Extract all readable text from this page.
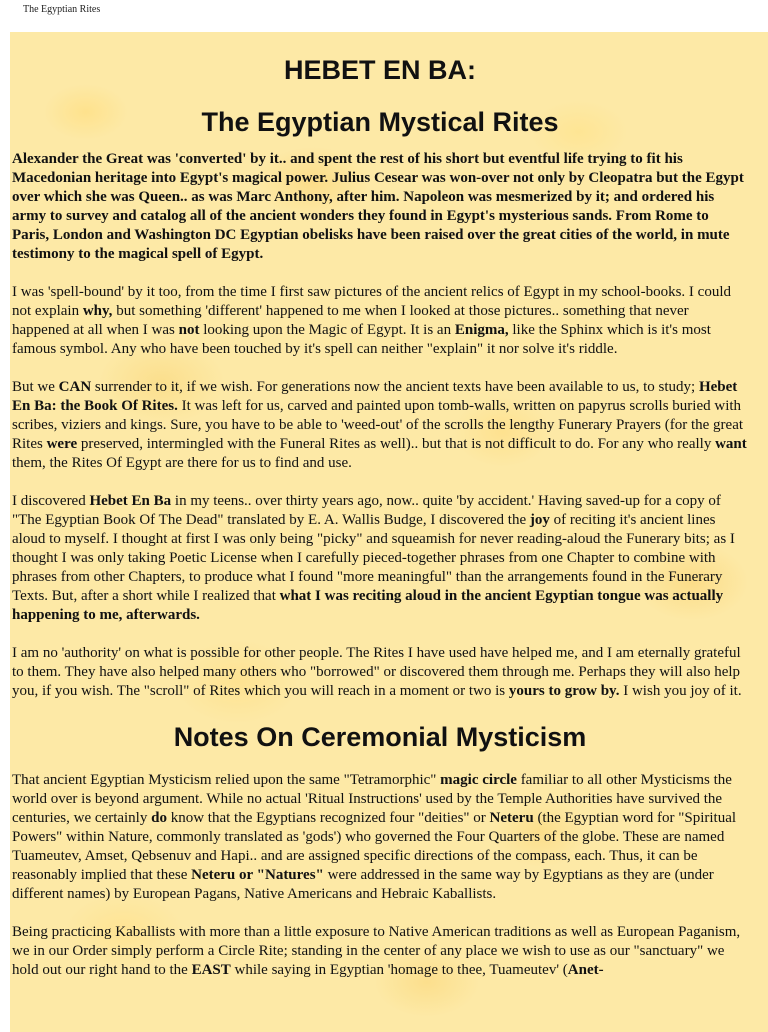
The Egyptian Rites
HEBET EN BA:
The Egyptian Mystical Rites

Alexander the Great was 'converted' by it.. and spent the rest of his short but eventful life trying to fit his Macedonian heritage into Egypt's magical power. Julius Cesear was won-over not only by Cleopatra but the Egypt over which she was Queen.. as was Marc Anthony, after him. Napoleon was mesmerized by it; and ordered his army to survey and catalog all of the ancient wonders they found in Egypt's mysterious sands. From Rome to Paris, London and Washington DC Egyptian obelisks have been raised over the great cities of the world, in mute testimony to the magical spell of Egypt.

I was 'spell-bound' by it too, from the time I first saw pictures of the ancient relics of Egypt in my school-books. I could not explain why, but something 'different' happened to me when I looked at those pictures.. something that never happened at all when I was not looking upon the Magic of Egypt. It is an Enigma, like the Sphinx which is it's most famous symbol. Any who have been touched by it's spell can neither "explain" it nor solve it's riddle.

But we CAN surrender to it, if we wish. For generations now the ancient texts have been available to us, to study; Hebet En Ba: the Book Of Rites. It was left for us, carved and painted upon tomb-walls, written on papyrus scrolls buried with scribes, viziers and kings. Sure, you have to be able to 'weed-out' of the scrolls the lengthy Funerary Prayers (for the great Rites were preserved, intermingled with the Funeral Rites as well).. but that is not difficult to do. For any who really want them, the Rites Of Egypt are there for us to find and use.

I discovered Hebet En Ba in my teens.. over thirty years ago, now.. quite 'by accident.' Having saved-up for a copy of "The Egyptian Book Of The Dead" translated by E. A. Wallis Budge, I discovered the joy of reciting it's ancient lines aloud to myself. I thought at first I was only being "picky" and squeamish for never reading-aloud the Funerary bits; as I thought I was only taking Poetic License when I carefully pieced-together phrases from one Chapter to combine with phrases from other Chapters, to produce what I found "more meaningful" than the arrangements found in the Funerary Texts. But, after a short while I realized that what I was reciting aloud in the ancient Egyptian tongue was actually happening to me, afterwards.

I am no 'authority' on what is possible for other people. The Rites I have used have helped me, and I am eternally grateful to them. They have also helped many others who "borrowed" or discovered them through me. Perhaps they will also help you, if you wish. The "scroll" of Rites which you will reach in a moment or two is yours to grow by. I wish you joy of it.

Notes On Ceremonial Mysticism

That ancient Egyptian Mysticism relied upon the same "Tetramorphic" magic circle familiar to all other Mysticisms the world over is beyond argument. While no actual 'Ritual Instructions' used by the Temple Authorities have survived the centuries, we certainly do know that the Egyptians recognized four "deities" or Neteru (the Egyptian word for "Spiritual Powers" within Nature, commonly translated as 'gods') who governed the Four Quarters of the globe. These are named Tuameutev, Amset, Qebsenuv and Hapi.. and are assigned specific directions of the compass, each. Thus, it can be reasonably implied that these Neteru or "Natures" were addressed in the same way by Egyptians as they are (under different names) by European Pagans, Native Americans and Hebraic Kaballists.

Being practicing Kaballists with more than a little exposure to Native American traditions as well as European Paganism, we in our Order simply perform a Circle Rite; standing in the center of any place we wish to use as our "sanctuary" we hold out our right hand to the EAST while saying in Egyptian 'homage to thee, Tuameutev' (Anet-
